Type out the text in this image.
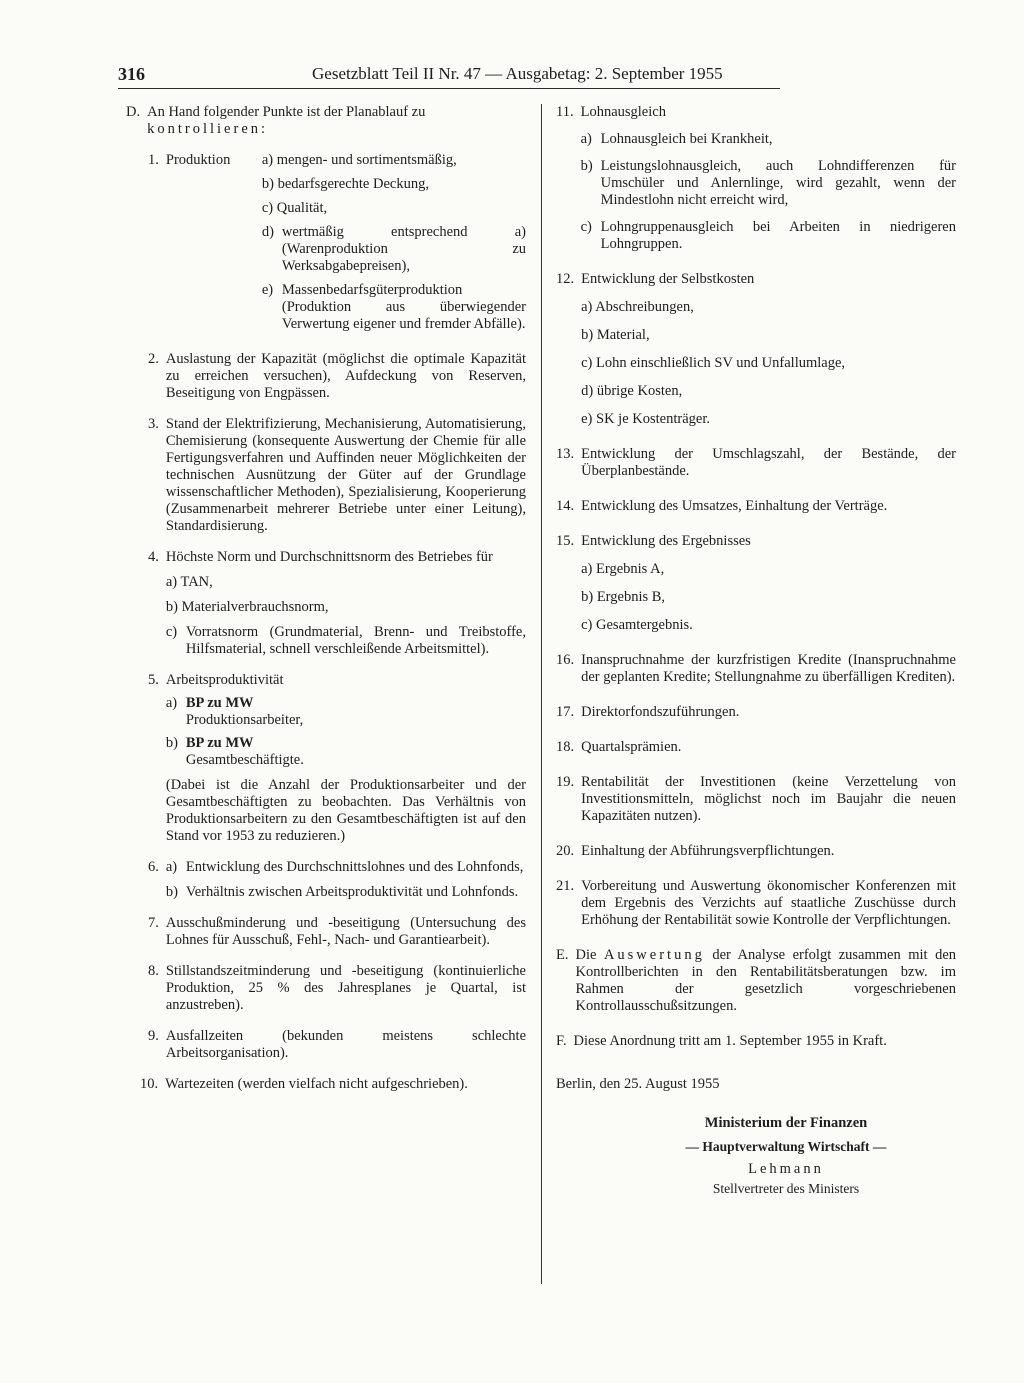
316	Gesetzblatt Teil II Nr. 47 — Ausgabetag: 2. September 1955
D. An Hand folgender Punkte ist der Planablauf zu
kontrollieren:
1. Produktion	a) mengen- und sortimentsmäßig,
b) bedarfsgerechte Deckung,
c) Qualität,
d) wertmäßig entsprechend a) (Warenproduktion zu Werksabgabepreisen),
e) Massenbedarfsgüterproduktion (Produktion aus überwiegender Verwertung eigener und fremder Abfälle).
2. Auslastung der Kapazität (möglichst die optimale Kapazität zu erreichen versuchen), Aufdeckung von Reserven, Beseitigung von Engpässen.
3. Stand der Elektrifizierung, Mechanisierung, Automatisierung, Chemisierung (konsequente Auswertung der Chemie für alle Fertigungsverfahren und Auffinden neuer Möglichkeiten der technischen Ausnützung der Güter auf der Grundlage wissenschaftlicher Methoden), Spezialisierung, Kooperierung (Zusammenarbeit mehrerer Betriebe unter einer Leitung), Standardisierung.
4. Höchste Norm und Durchschnittsnorm des Betriebes für
a) TAN,
b) Materialverbrauchsnorm,
c) Vorratsnorm (Grundmaterial, Brenn- und Treibstoffe, Hilfsmaterial, schnell verschleißende Arbeitsmittel).
5. Arbeitsproduktivität
a) BP zu MW
Produktionsarbeiter,
b) BP zu MW
Gesamtbeschäftigte.
(Dabei ist die Anzahl der Produktionsarbeiter und der Gesamtbeschäftigten zu beobachten. Das Verhältnis von Produktionsarbeitern zu den Gesamtbeschäftigten ist auf den Stand vor 1953 zu reduzieren.)
6. a) Entwicklung des Durchschnittslohnes und des Lohnfonds,
b) Verhältnis zwischen Arbeitsproduktivität und Lohnfonds.
7. Ausschußminderung und -beseitigung (Untersuchung des Lohnes für Ausschuß, Fehl-, Nach- und Garantiearbeit).
8. Stillstandszeitminderung und -beseitigung (kontinuierliche Produktion, 25 % des Jahresplanes je Quartal, ist anzustreben).
9. Ausfallzeiten (bekunden meistens schlechte Arbeitsorganisation).
10. Wartezeiten (werden vielfach nicht aufgeschrieben).
11. Lohnausgleich
a) Lohnausgleich bei Krankheit,
b) Leistungslohnausgleich, auch Lohndifferenzen für Umschüler und Anlernlinge, wird gezahlt, wenn der Mindestlohn nicht erreicht wird,
c) Lohngruppenausgleich bei Arbeiten in niedrigeren Lohngruppen.
12. Entwicklung der Selbstkosten
a) Abschreibungen,
b) Material,
c) Lohn einschließlich SV und Unfallumlage,
d) übrige Kosten,
e) SK je Kostenträger.
13. Entwicklung der Umschlagszahl, der Bestände, der Überplanbestände.
14. Entwicklung des Umsatzes, Einhaltung der Verträge.
15. Entwicklung des Ergebnisses
a) Ergebnis A,
b) Ergebnis B,
c) Gesamtergebnis.
16. Inanspruchnahme der kurzfristigen Kredite (Inanspruchnahme der geplanten Kredite; Stellungnahme zu überfälligen Krediten).
17. Direktorfondszuführungen.
18. Quartalsprämien.
19. Rentabilität der Investitionen (keine Verzettelung von Investitionsmitteln, möglichst noch im Baujahr die neuen Kapazitäten nutzen).
20. Einhaltung der Abführungsverpflichtungen.
21. Vorbereitung und Auswertung ökonomischer Konferenzen mit dem Ergebnis des Verzichts auf staatliche Zuschüsse durch Erhöhung der Rentabilität sowie Kontrolle der Verpflichtungen.
E. Die Auswertung der Analyse erfolgt zusammen mit den Kontrollberichten in den Rentabilitätsberatungen bzw. im Rahmen der gesetzlich vorgeschriebenen Kontrollausschußsitzungen.
F. Diese Anordnung tritt am 1. September 1955 in Kraft.
Berlin, den 25. August 1955
Ministerium der Finanzen
— Hauptverwaltung Wirtschaft —
Lehmann
Stellvertreter des Ministers
